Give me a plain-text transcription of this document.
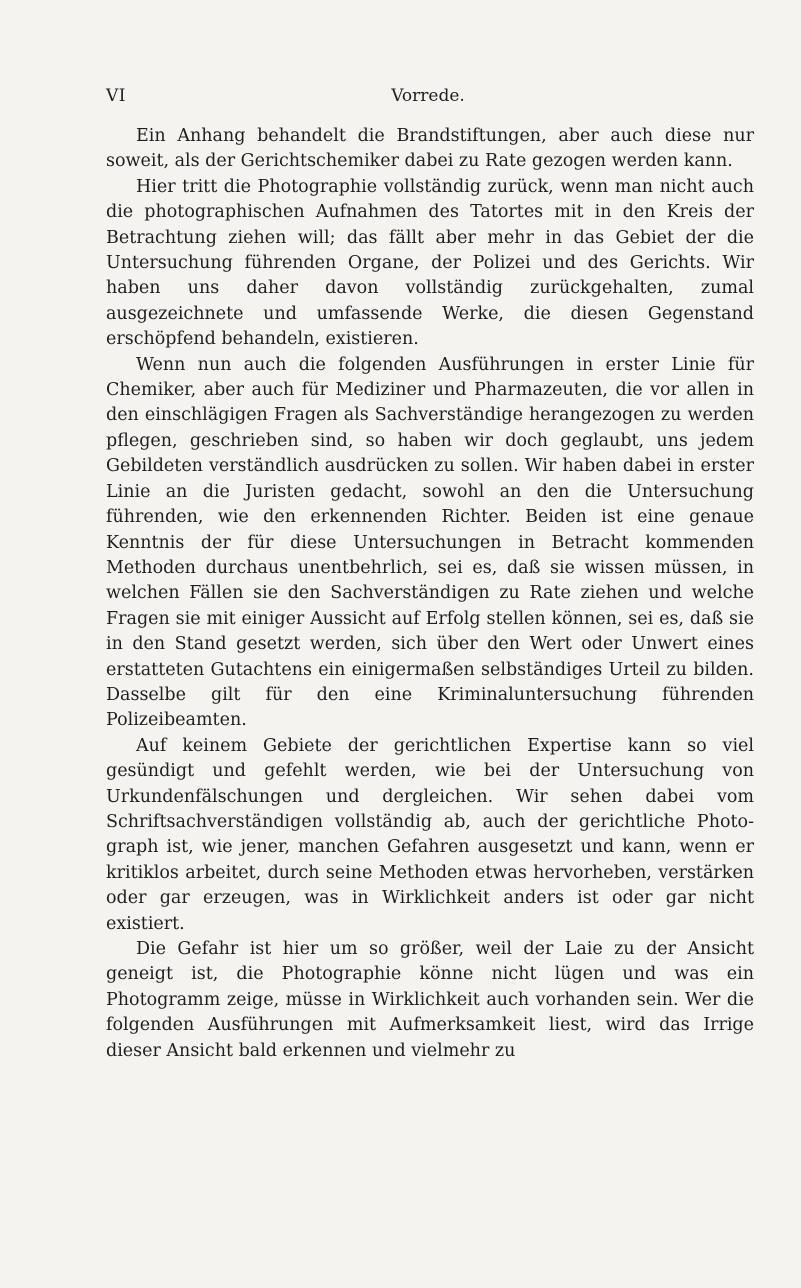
VI	Vorrede.

Ein Anhang behandelt die Brandstiftungen, aber auch diese nur soweit, als der Gerichtschemiker dabei zu Rate gezogen werden kann.

Hier tritt die Photographie vollständig zurück, wenn man nicht auch die photographischen Aufnahmen des Tatortes mit in den Kreis der Betrachtung ziehen will; das fällt aber mehr in das Gebiet der die Untersuchung führenden Organe, der Polizei und des Gerichts. Wir haben uns daher davon vollständig zurückgehalten, zumal ausgezeichnete und umfassende Werke, die diesen Gegenstand erschöpfend behandeln, existieren.

Wenn nun auch die folgenden Ausführungen in erster Linie für Chemiker, aber auch für Mediziner und Pharmazeuten, die vor allen in den einschlägigen Fragen als Sachverständige herangezogen zu werden pflegen, geschrieben sind, so haben wir doch geglaubt, uns jedem Gebildeten verständlich ausdrücken zu sollen. Wir haben dabei in erster Linie an die Juristen gedacht, sowohl an den die Untersuchung führenden, wie den erkennenden Richter. Beiden ist eine genaue Kenntnis der für diese Untersuchungen in Betracht kommenden Methoden durchaus unentbehrlich, sei es, daß sie wissen müssen, in welchen Fällen sie den Sachverständigen zu Rate ziehen und welche Fragen sie mit einiger Aussicht auf Erfolg stellen können, sei es, daß sie in den Stand gesetzt werden, sich über den Wert oder Unwert eines erstatteten Gutachtens ein einigermaßen selbständiges Urteil zu bilden. Dasselbe gilt für den eine Kriminaluntersuchung führenden Polizeibeamten.

Auf keinem Gebiete der gerichtlichen Expertise kann so viel gesündigt und gefehlt werden, wie bei der Untersuchung von Urkundenfälschungen und dergleichen. Wir sehen dabei vom Schriftsachverständigen vollständig ab, auch der gerichtliche Photograph ist, wie jener, manchen Gefahren ausgesetzt und kann, wenn er kritiklos arbeitet, durch seine Methoden etwas hervorheben, verstärken oder gar erzeugen, was in Wirklichkeit anders ist oder gar nicht existiert.

Die Gefahr ist hier um so größer, weil der Laie zu der Ansicht geneigt ist, die Photographie könne nicht lügen und was ein Photogramm zeige, müsse in Wirklichkeit auch vorhanden sein. Wer die folgenden Ausführungen mit Aufmerksamkeit liest, wird das Irrige dieser Ansicht bald erkennen und vielmehr zu
